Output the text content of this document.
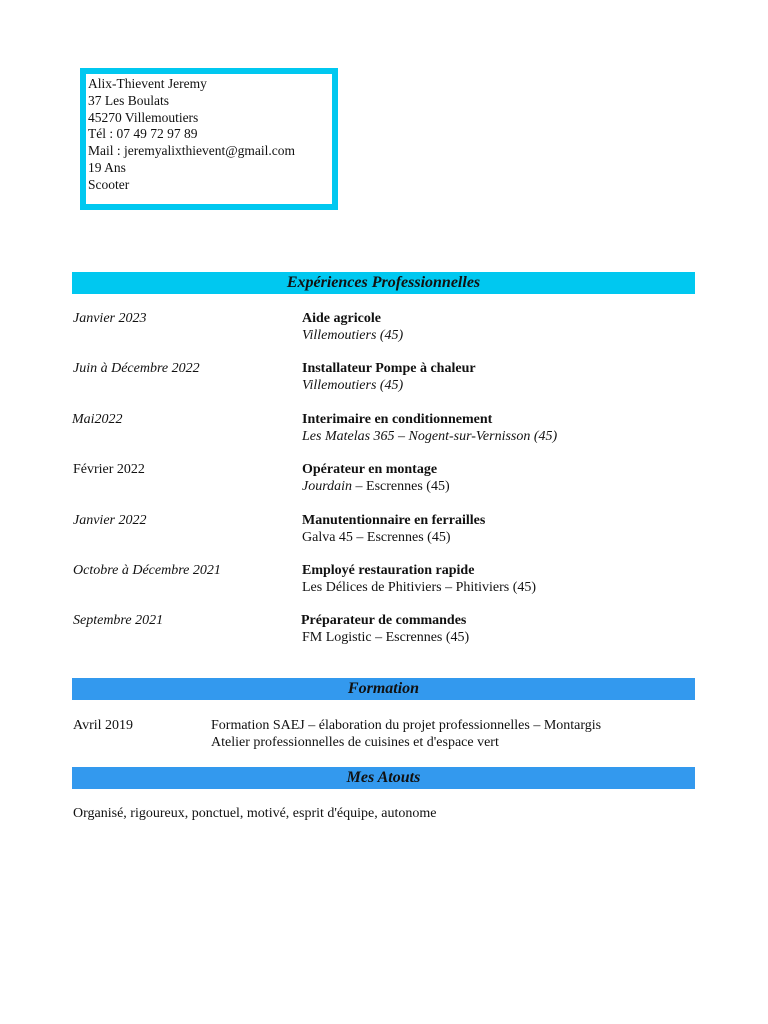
Alix-Thievent Jeremy
37 Les Boulats
45270 Villemoutiers
Tél : 07 49 72 97 89
Mail : jeremyalixthievent@gmail.com
19 Ans
Scooter
Expériences Professionnelles
Janvier 2023	Aide agricole
Villemoutiers (45)
Juin à Décembre 2022	Installateur Pompe à chaleur
Villemoutiers (45)
Mai2022	Interimaire en conditionnement
Les Matelas 365 – Nogent-sur-Vernisson (45)
Février 2022	Opérateur en montage
Jourdain – Escrennes (45)
Janvier 2022	Manutentionnaire en ferrailles
Galva 45 – Escrennes (45)
Octobre à Décembre 2021	Employé restauration rapide
Les Délices de Phitiviers – Phitiviers (45)
Septembre 2021	Préparateur de commandes
FM Logistic – Escrennes (45)
Formation
Avril 2019	Formation SAEJ – élaboration du projet professionnelles – Montargis
Atelier professionnelles de cuisines et d'espace vert
Mes Atouts
Organisé, rigoureux, ponctuel, motivé, esprit d'équipe, autonome
